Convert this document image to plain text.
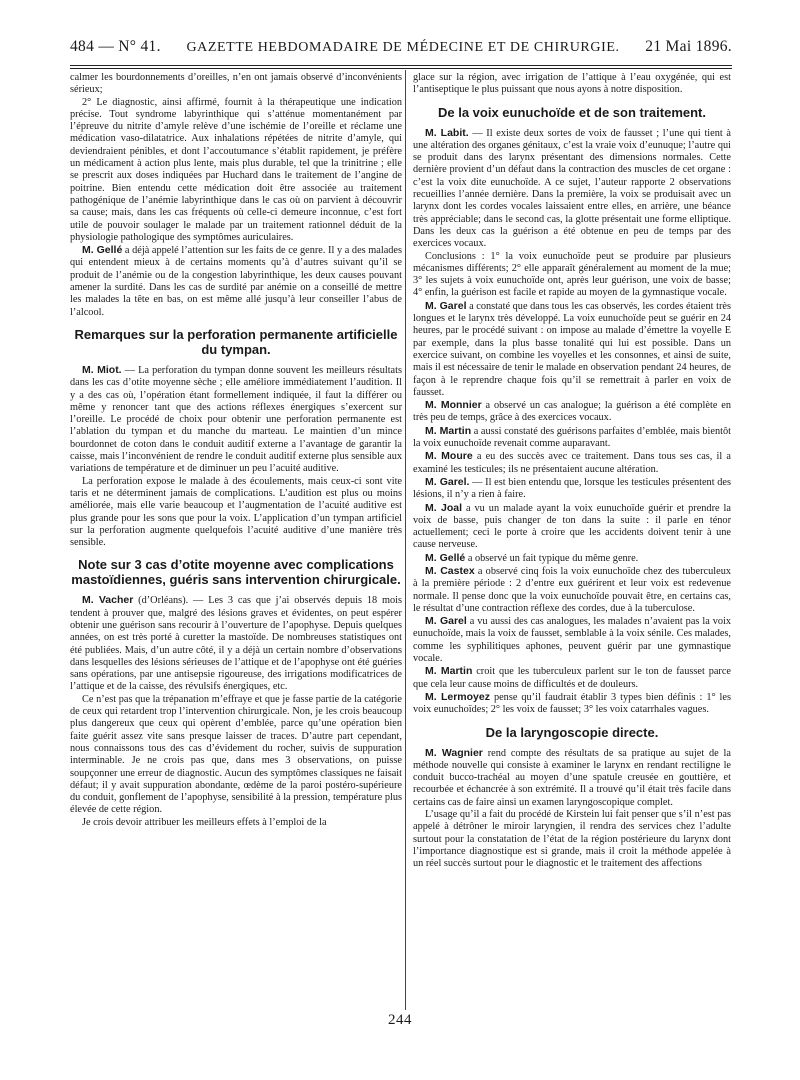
484 — N° 41. GAZETTE HEBDOMADAIRE DE MÉDECINE ET DE CHIRURGIE. 21 Mai 1896.

calmer les bourdonnements d’oreilles, n’en ont jamais observé d’inconvénients sérieux;

2° Le diagnostic, ainsi affirmé, fournit à la thérapeutique une indication précise. Tout syndrome labyrinthique qui s’atténue momentanément par l’épreuve du nitrite d’amyle relève d’une ischémie de l’oreille et réclame une médication vaso-dilatatrice. Aux inhalations répétées de nitrite d’amyle, qui deviendraient pénibles, et dont l’accoutumance s’établit rapidement, je préfère un médicament à action plus lente, mais plus durable, tel que la trinitrine ; elle se prescrit aux doses indiquées par Huchard dans le traitement de l’angine de poitrine. Bien entendu cette médication doit être associée au traitement pathogénique de l’anémie labyrinthique dans le cas où on parvient à découvrir sa cause; mais, dans les cas fréquents où celle-ci demeure inconnue, c’est fort utile de pouvoir soulager le malade par un traitement rationnel déduit de la physiologie pathologique des symptômes auriculaires.

M. Gellé a déjà appelé l’attention sur les faits de ce genre. Il y a des malades qui entendent mieux à de certains moments qu’à d’autres suivant qu’il se produit de l’anémie ou de la congestion labyrinthique, les deux causes pouvant amener la surdité. Dans les cas de surdité par anémie on a conseillé de mettre les malades la tête en bas, on est même allé jusqu’à leur conseiller l’abus de l’alcool.

Remarques sur la perforation permanente artificielle du tympan.

M. Miot. — La perforation du tympan donne souvent les meilleurs résultats dans les cas d’otite moyenne sèche ; elle améliore immédiatement l’audition. Il y a des cas où, l’opération étant formellement indiquée, il faut la différer ou même y renoncer tant que des actions réflexes énergiques s’exercent sur l’oreille. Le procédé de choix pour obtenir une perforation permanente est l’ablation du tympan et du manche du marteau. Le maintien d’un mince bourdonnet de coton dans le conduit auditif externe a l’avantage de garantir la caisse, mais l’inconvénient de rendre le conduit auditif externe plus sensible aux variations de température et de diminuer un peu l’acuité auditive.

La perforation expose le malade à des écoulements, mais ceux-ci sont vite taris et ne déterminent jamais de complications. L’audition est plus ou moins améliorée, mais elle varie beaucoup et l’augmentation de l’acuité auditive est plus grande pour les sons que pour la voix. L’application d’un tympan artificiel sur la perforation augmente quelquefois l’acuité auditive d’une manière très sensible.

Note sur 3 cas d’otite moyenne avec complications mastoïdiennes, guéris sans intervention chirurgicale.

M. Vacher (d’Orléans). — Les 3 cas que j’ai observés depuis 18 mois tendent à prouver que, malgré des lésions graves et évidentes, on peut espérer obtenir une guérison sans recourir à l’ouverture de l’apophyse. Depuis quelques années, on est très porté à curetter la mastoïde. De nombreuses statistiques ont été publiées. Mais, d’un autre côté, il y a déjà un certain nombre d’observations dans lesquelles des lésions sérieuses de l’attique et de l’apophyse ont été guéries sans opérations, par une antisepsie rigoureuse, des irrigations modificatrices de l’attique et de la caisse, des révulsifs énergiques, etc.

Ce n’est pas que la trépanation m’effraye et que je fasse partie de la catégorie de ceux qui retardent trop l’intervention chirurgicale. Non, je les crois beaucoup plus dangereux que ceux qui opèrent d’emblée, parce qu’une opération bien faite guérit assez vite sans presque laisser de traces. D’autre part cependant, nous connaissons tous des cas d’évidement du rocher, suivis de suppuration interminable. Je ne crois pas que, dans mes 3 observations, on puisse soupçonner une erreur de diagnostic. Aucun des symptômes classiques ne faisait défaut; il y avait suppuration abondante, œdème de la paroi postéro-supérieure du conduit, gonflement de l’apophyse, sensibilité à la pression, température plus élevée de cette région.

Je crois devoir attribuer les meilleurs effets à l’emploi de la

glace sur la région, avec irrigation de l’attique à l’eau oxygénée, qui est l’antiseptique le plus puissant que nous ayons à notre disposition.

De la voix eunuchoïde et de son traitement.

M. Labit. — Il existe deux sortes de voix de fausset ; l’une qui tient à une altération des organes génitaux, c’est la vraie voix d’eunuque; l’autre qui se produit dans des larynx présentant des dimensions normales. Cette dernière provient d’un défaut dans la contraction des muscles de cet organe : c’est la voix dite eunuchoïde. A ce sujet, l’auteur rapporte 2 observations recueillies l’année dernière. Dans la première, la voix se produisait avec un larynx dont les cordes vocales laissaient entre elles, en arrière, une béance très appréciable; dans le second cas, la glotte présentait une forme elliptique. Dans les deux cas la guérison a été obtenue en peu de temps par des exercices vocaux.

Conclusions : 1° la voix eunuchoïde peut se produire par plusieurs mécanismes différents; 2° elle apparaît généralement au moment de la mue; 3° les sujets à voix eunuchoïde ont, après leur guérison, une voix de basse; 4° enfin, la guérison est facile et rapide au moyen de la gymnastique vocale.

M. Garel a constaté que dans tous les cas observés, les cordes étaient très longues et le larynx très développé. La voix eunuchoïde peut se guérir en 24 heures, par le procédé suivant : on impose au malade d’émettre la voyelle E par exemple, dans la plus basse tonalité qui lui est possible. Dans un exercice suivant, on combine les voyelles et les consonnes, et ainsi de suite, mais il est nécessaire de tenir le malade en observation pendant 24 heures, de façon à le reprendre chaque fois qu’il se remettrait à parler en voix de fausset.

M. Monnier a observé un cas analogue; la guérison a été complète en très peu de temps, grâce à des exercices vocaux.

M. Martin a aussi constaté des guérisons parfaites d’emblée, mais bientôt la voix eunuchoïde revenait comme auparavant.

M. Moure a eu des succès avec ce traitement. Dans tous ses cas, il a examiné les testicules; ils ne présentaient aucune altération.

M. Garel. — Il est bien entendu que, lorsque les testicules présentent des lésions, il n’y a rien à faire.

M. Joal a vu un malade ayant la voix eunuchoïde guérir et prendre la voix de basse, puis changer de ton dans la suite : il parle en ténor actuellement; ceci le porte à croire que les accidents doivent tenir à une cause nerveuse.

M. Gellé a observé un fait typique du même genre.

M. Castex a observé cinq fois la voix eunuchoïde chez des tuberculeux à la première période : 2 d’entre eux guérirent et leur voix est redevenue normale. Il pense donc que la voix eunuchoïde pouvait être, en certains cas, le résultat d’une contraction réflexe des cordes, due à la tuberculose.

M. Garel a vu aussi des cas analogues, les malades n’avaient pas la voix eunuchoïde, mais la voix de fausset, semblable à la voix sénile. Ces malades, comme les syphilitiques aphones, peuvent guérir par une gymnastique vocale.

M. Martin croit que les tuberculeux parlent sur le ton de fausset parce que cela leur cause moins de difficultés et de douleurs.

M. Lermoyez pense qu’il faudrait établir 3 types bien définis : 1° les voix eunuchoïdes; 2° les voix de fausset; 3° les voix catarrhales vagues.

De la laryngoscopie directe.

M. Wagnier rend compte des résultats de sa pratique au sujet de la méthode nouvelle qui consiste à examiner le larynx en rendant rectiligne le conduit bucco-trachéal au moyen d’une spatule creusée en gouttière, et recourbée et échancrée à son extrémité. Il a trouvé qu’il était très facile dans certains cas de faire ainsi un examen laryngoscopique complet.

L’usage qu’il a fait du procédé de Kirstein lui fait penser que s’il n’est pas appelé à détrôner le miroir laryngien, il rendra des services chez l’adulte surtout pour la constatation de l’état de la région postérieure du larynx dont l’importance diagnostique est si grande, mais il croit la méthode appelée à un réel succès surtout pour le diagnostic et le traitement des affections

244
